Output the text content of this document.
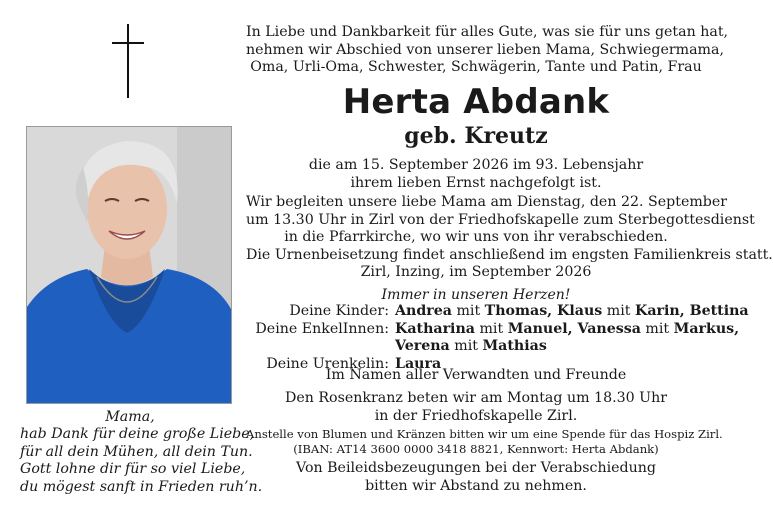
Mama,
hab Dank für deine große Liebe,
für all dein Mühen, all dein Tun.
Gott lohne dir für so viel Liebe,
du mögest sanft in Frieden ruh’n.
In Liebe und Dankbarkeit für alles Gute, was sie für uns getan hat,
nehmen wir Abschied von unserer lieben Mama, Schwiegermama,
Oma, Urli-Oma, Schwester, Schwägerin, Tante und Patin, Frau
Herta Abdank
geb. Kreutz
die am 15. September 2026 im 93. Lebensjahr
ihrem lieben Ernst nachgefolgt ist.
Wir begleiten unsere liebe Mama am Dienstag, den 22. September
um 13.30 Uhr in Zirl von der Friedhofskapelle zum Sterbegottesdienst
in die Pfarrkirche, wo wir uns von ihr verabschieden.
Die Urnenbeisetzung findet anschließend im engsten Familienkreis statt.
Zirl, Inzing, im September 2026
Immer in unseren Herzen!
Deine Kinder: Andrea mit Thomas, Klaus mit Karin, Bettina
Deine EnkelInnen: Katharina mit Manuel, Vanessa mit Markus,
Verena mit Mathias
Deine Urenkelin: Laura
Im Namen aller Verwandten und Freunde
Den Rosenkranz beten wir am Montag um 18.30 Uhr
in der Friedhofskapelle Zirl.
Anstelle von Blumen und Kränzen bitten wir um eine Spende für das Hospiz Zirl.
(IBAN: AT14 3600 0000 3418 8821, Kennwort: Herta Abdank)
Von Beileidsbezeugungen bei der Verabschiedung
bitten wir Abstand zu nehmen.
